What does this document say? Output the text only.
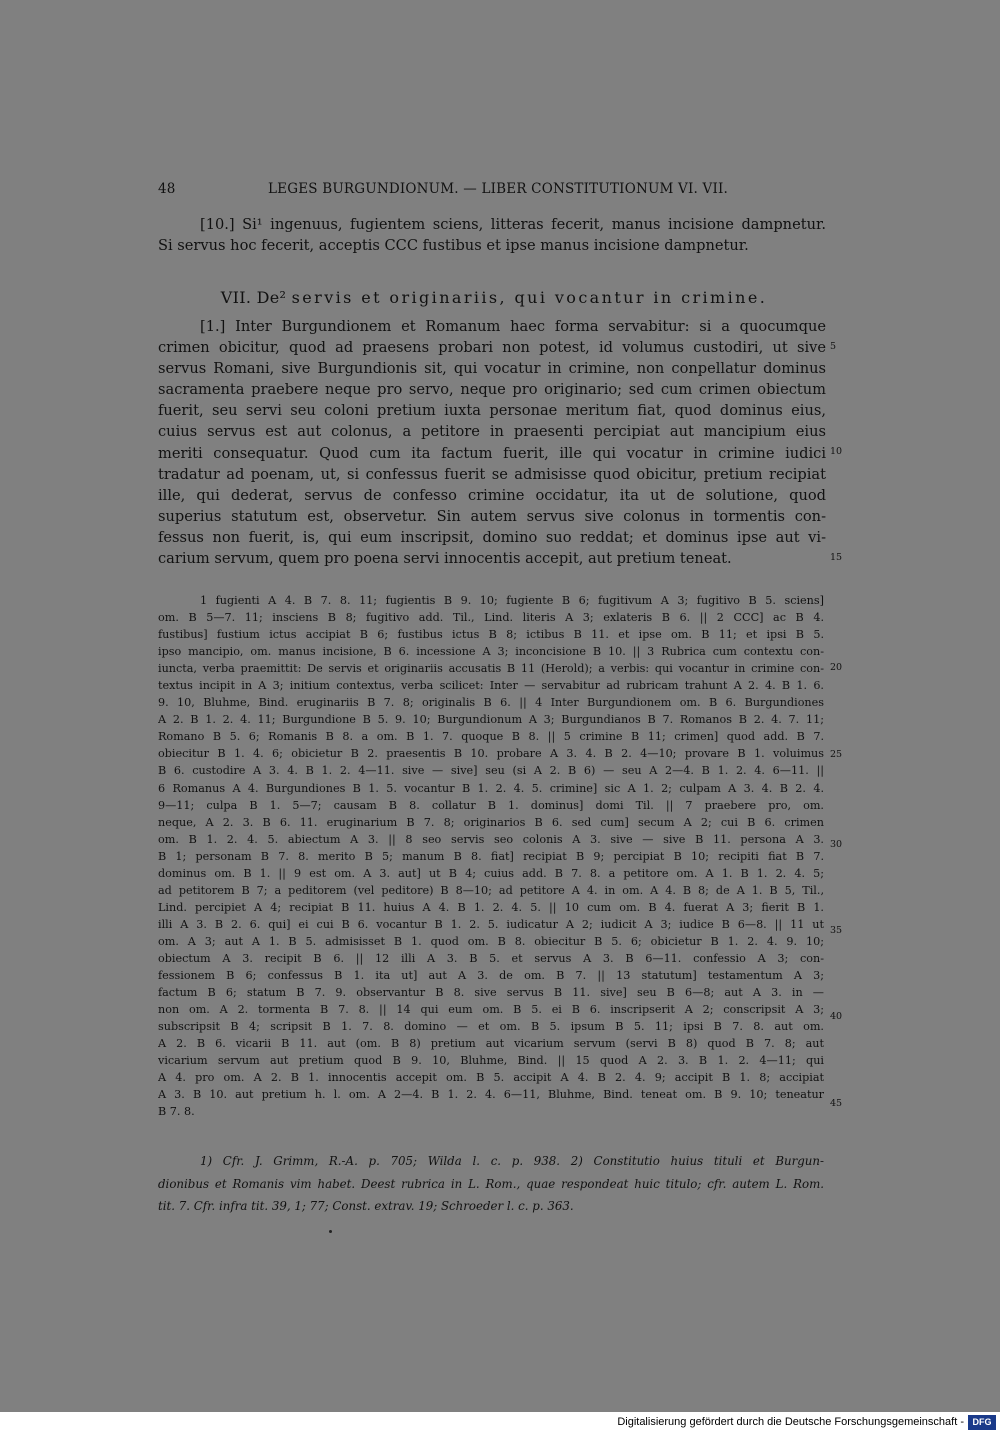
48	LEGES BURGUNDIONUM. — LIBER CONSTITUTIONUM VI. VII.
[10.] Si¹ ingenuus, fugientem sciens, litteras fecerit, manus incisione dampnetur.
Si servus hoc fecerit, acceptis CCC fustibus et ipse manus incisione dampnetur.
VII. De² servis et originariis, qui vocantur in crimine.
[1.] Inter Burgundionem et Romanum haec forma servabitur: si a quocumque
crimen obicitur, quod ad praesens probari non potest, id volumus custodiri, ut sive
servus Romani, sive Burgundionis sit, qui vocatur in crimine, non conpellatur dominus
sacramenta praebere neque pro servo, neque pro originario; sed cum crimen obiectum
fuerit, seu servi seu coloni pretium iuxta personae meritum fiat, quod dominus eius,
cuius servus est aut colonus, a petitore in praesenti percipiat aut mancipium eius
meriti consequatur. Quod cum ita factum fuerit, ille qui vocatur in crimine iudici
tradatur ad poenam, ut, si confessus fuerit se admisisse quod obicitur, pretium recipiat
ille, qui dederat, servus de confesso crimine occidatur, ita ut de solutione, quod
superius statutum est, observetur. Sin autem servus sive colonus in tormentis con-
fessus non fuerit, is, qui eum inscripsit, domino suo reddat; et dominus ipse aut vi-
carium servum, quem pro poena servi innocentis accepit, aut pretium teneat.
5
10
15
1 fugienti A 4. B 7. 8. 11; fugientis B 9. 10; fugiente B 6; fugitivum A 3; fugitivo B 5. sciens]
om. B 5—7. 11; insciens B 8; fugitivo add. Til., Lind. literis A 3; exlateris B 6. || 2 CCC] ac B 4.
fustibus] fustium ictus accipiat B 6; fustibus ictus B 8; ictibus B 11. et ipse om. B 11; et ipsi B 5.
ipso mancipio, om. manus incisione, B 6. incessione A 3; inconcisione B 10. || 3 Rubrica cum contextu con-
iuncta, verba praemittit: De servis et originariis accusatis B 11 (Herold); a verbis: qui vocantur in crimine con-
textus incipit in A 3; initium contextus, verba scilicet: Inter — servabitur ad rubricam trahunt A 2. 4. B 1. 6.
9. 10, Bluhme, Bind. eruginariis B 7. 8; originalis B 6. || 4 Inter Burgundionem om. B 6. Burgundiones
A 2. B 1. 2. 4. 11; Burgundione B 5. 9. 10; Burgundionum A 3; Burgundianos B 7. Romanos B 2. 4. 7. 11;
Romano B 5. 6; Romanis B 8. a om. B 1. 7. quoque B 8. || 5 crimine B 11; crimen] quod add. B 7.
obiecitur B 1. 4. 6; obicietur B 2. praesentis B 10. probare A 3. 4. B 2. 4—10; provare B 1. voluimus
B 6. custodire A 3. 4. B 1. 2. 4—11. sive — sive] seu (si A 2. B 6) — seu A 2—4. B 1. 2. 4. 6—11. ||
6 Romanus A 4. Burgundiones B 1. 5. vocantur B 1. 2. 4. 5. crimine] sic A 1. 2; culpam A 3. 4. B 2. 4.
9—11; culpa B 1. 5—7; causam B 8. collatur B 1. dominus] domi Til. || 7 praebere pro, om.
neque, A 2. 3. B 6. 11. eruginarium B 7. 8; originarios B 6. sed cum] secum A 2; cui B 6. crimen
om. B 1. 2. 4. 5. abiectum A 3. || 8 seo servis seo colonis A 3. sive — sive B 11. persona A 3.
B 1; personam B 7. 8. merito B 5; manum B 8. fiat] recipiat B 9; percipiat B 10; recipiti fiat B 7.
dominus om. B 1. || 9 est om. A 3. aut] ut B 4; cuius add. B 7. 8. a petitore om. A 1. B 1. 2. 4. 5;
ad petitorem B 7; a peditorem (vel peditore) B 8—10; ad petitore A 4. in om. A 4. B 8; de A 1. B 5, Til.,
Lind. percipiet A 4; recipiat B 11. huius A 4. B 1. 2. 4. 5. || 10 cum om. B 4. fuerat A 3; fierit B 1.
illi A 3. B 2. 6. qui] ei cui B 6. vocantur B 1. 2. 5. iudicatur A 2; iudicit A 3; iudice B 6—8. || 11 ut
om. A 3; aut A 1. B 5. admisisset B 1. quod om. B 8. obiecitur B 5. 6; obicietur B 1. 2. 4. 9. 10;
obiectum A 3. recipit B 6. || 12 illi A 3. B 5. et servus A 3. B 6—11. confessio A 3; con-
fessionem B 6; confessus B 1. ita ut] aut A 3. de om. B 7. || 13 statutum] testamentum A 3;
factum B 6; statum B 7. 9. observantur B 8. sive servus B 11. sive] seu B 6—8; aut A 3. in —
non om. A 2. tormenta B 7. 8. || 14 qui eum om. B 5. ei B 6. inscripserit A 2; conscripsit A 3;
subscripsit B 4; scripsit B 1. 7. 8. domino — et om. B 5. ipsum B 5. 11; ipsi B 7. 8. aut om.
A 2. B 6. vicarii B 11. aut (om. B 8) pretium aut vicarium servum (servi B 8) quod B 7. 8; aut
vicarium servum aut pretium quod B 9. 10, Bluhme, Bind. || 15 quod A 2. 3. B 1. 2. 4—11; qui
A 4. pro om. A 2. B 1. innocentis accepit om. B 5. accipit A 4. B 2. 4. 9; accipit B 1. 8; accipiat
A 3. B 10. aut pretium h. l. om. A 2—4. B 1. 2. 4. 6—11, Bluhme, Bind. teneat om. B 9. 10; teneatur
B 7. 8.
20
25
30
35
40
45
1) Cfr. J. Grimm, R.-A. p. 705; Wilda l. c. p. 938. 2) Constitutio huius tituli et Burgun-
dionibus et Romanis vim habet. Deest rubrica in L. Rom., quae respondeat huic titulo; cfr. autem L. Rom.
tit. 7. Cfr. infra tit. 39, 1; 77; Const. extrav. 19; Schroeder l. c. p. 363.
Digitalisierung gefördert durch die Deutsche Forschungsgemeinschaft - DFG
